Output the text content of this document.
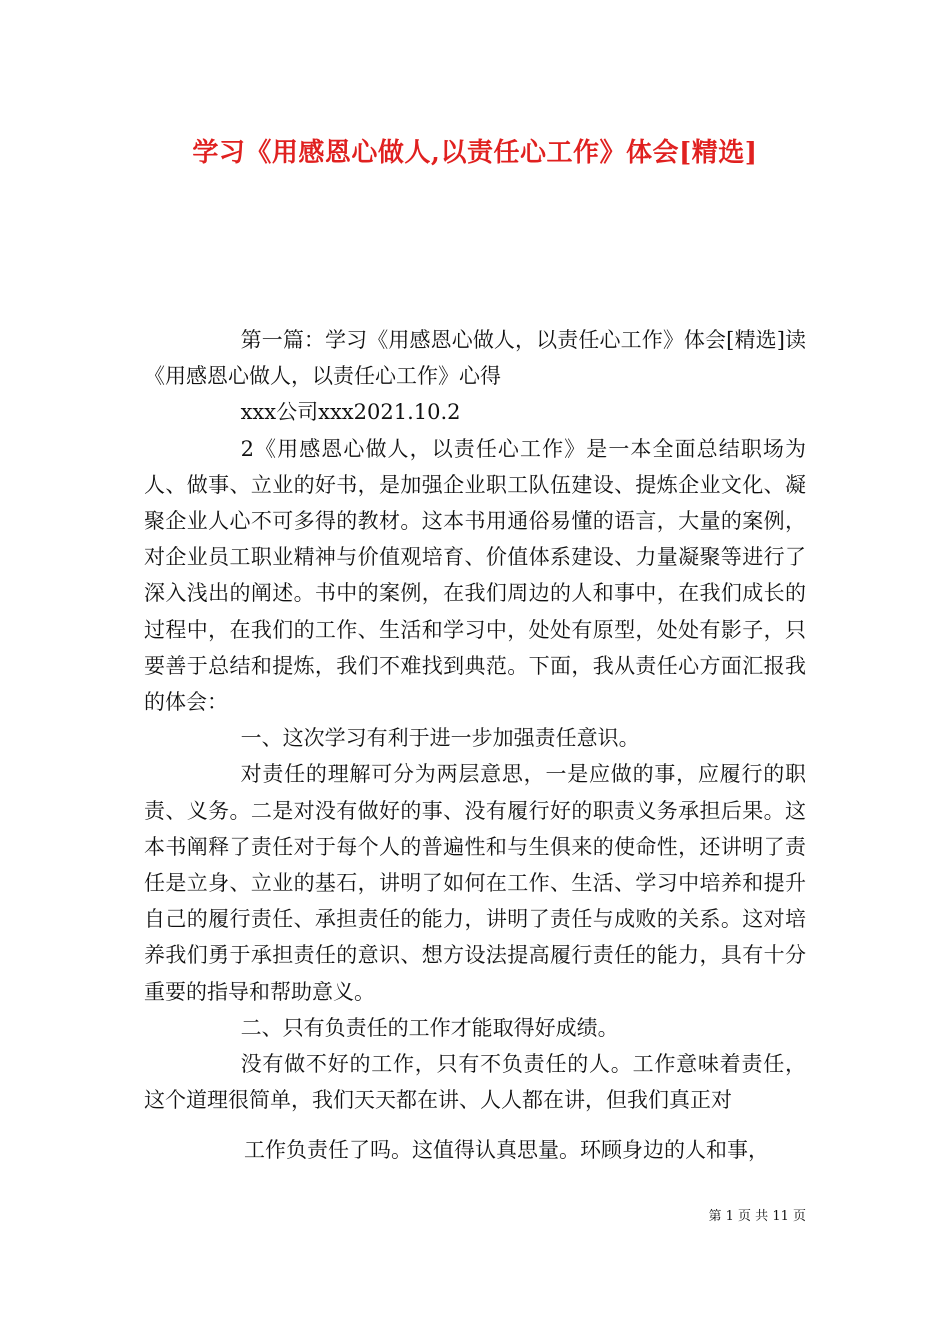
学习《用感恩心做人,以责任心工作》体会[精选]

第一篇：学习《用感恩心做人，以责任心工作》体会[精选]读《用感恩心做人，以责任心工作》心得

xxx公司xxx2021.10.2

2《用感恩心做人，以责任心工作》是一本全面总结职场为人、做事、立业的好书，是加强企业职工队伍建设、提炼企业文化、凝聚企业人心不可多得的教材。这本书用通俗易懂的语言，大量的案例，对企业员工职业精神与价值观培育、价值体系建设、力量凝聚等进行了深入浅出的阐述。书中的案例，在我们周边的人和事中，在我们成长的过程中，在我们的工作、生活和学习中，处处有原型，处处有影子，只要善于总结和提炼，我们不难找到典范。下面，我从责任心方面汇报我的体会：

一、这次学习有利于进一步加强责任意识。

对责任的理解可分为两层意思，一是应做的事，应履行的职责、义务。二是对没有做好的事、没有履行好的职责义务承担后果。这本书阐释了责任对于每个人的普遍性和与生俱来的使命性，还讲明了责任是立身、立业的基石，讲明了如何在工作、生活、学习中培养和提升自己的履行责任、承担责任的能力，讲明了责任与成败的关系。这对培养我们勇于承担责任的意识、想方设法提高履行责任的能力，具有十分重要的指导和帮助意义。

二、只有负责任的工作才能取得好成绩。

没有做不好的工作，只有不负责任的人。工作意味着责任，这个道理很简单，我们天天都在讲、人人都在讲，但我们真正对

工作负责任了吗。这值得认真思量。环顾身边的人和事，
第 1 页 共 11 页
